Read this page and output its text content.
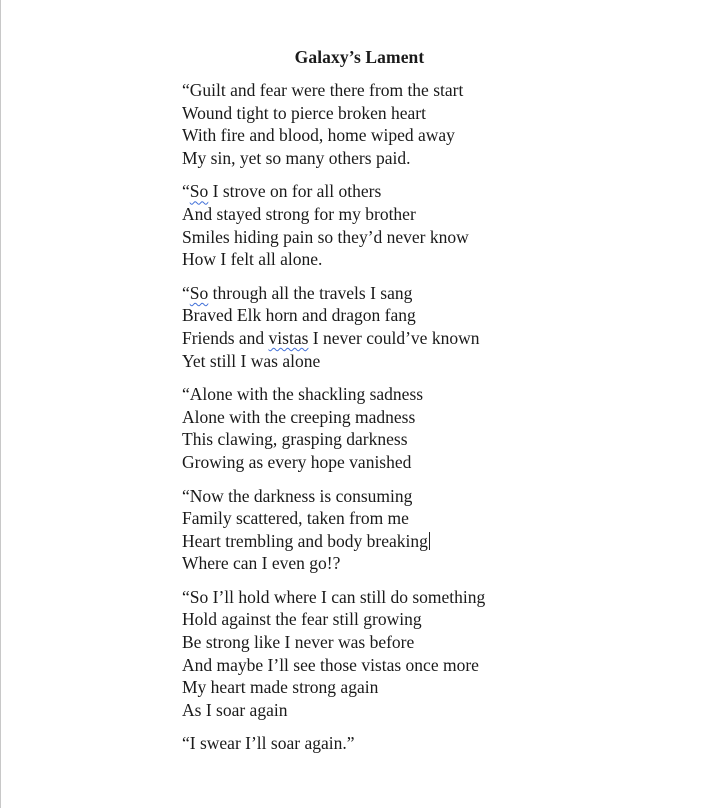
Galaxy’s Lament
“Guilt and fear were there from the start
Wound tight to pierce broken heart
With fire and blood, home wiped away
My sin, yet so many others paid.
“So I strove on for all others
And stayed strong for my brother
Smiles hiding pain so they’d never know
How I felt all alone.
“So through all the travels I sang
Braved Elk horn and dragon fang
Friends and vistas I never could’ve known
Yet still I was alone
“Alone with the shackling sadness
Alone with the creeping madness
This clawing, grasping darkness
Growing as every hope vanished
“Now the darkness is consuming
Family scattered, taken from me
Heart trembling and body breaking
Where can I even go!?
“So I’ll hold where I can still do something
Hold against the fear still growing
Be strong like I never was before
And maybe I’ll see those vistas once more
My heart made strong again
As I soar again
“I swear I’ll soar again.”
